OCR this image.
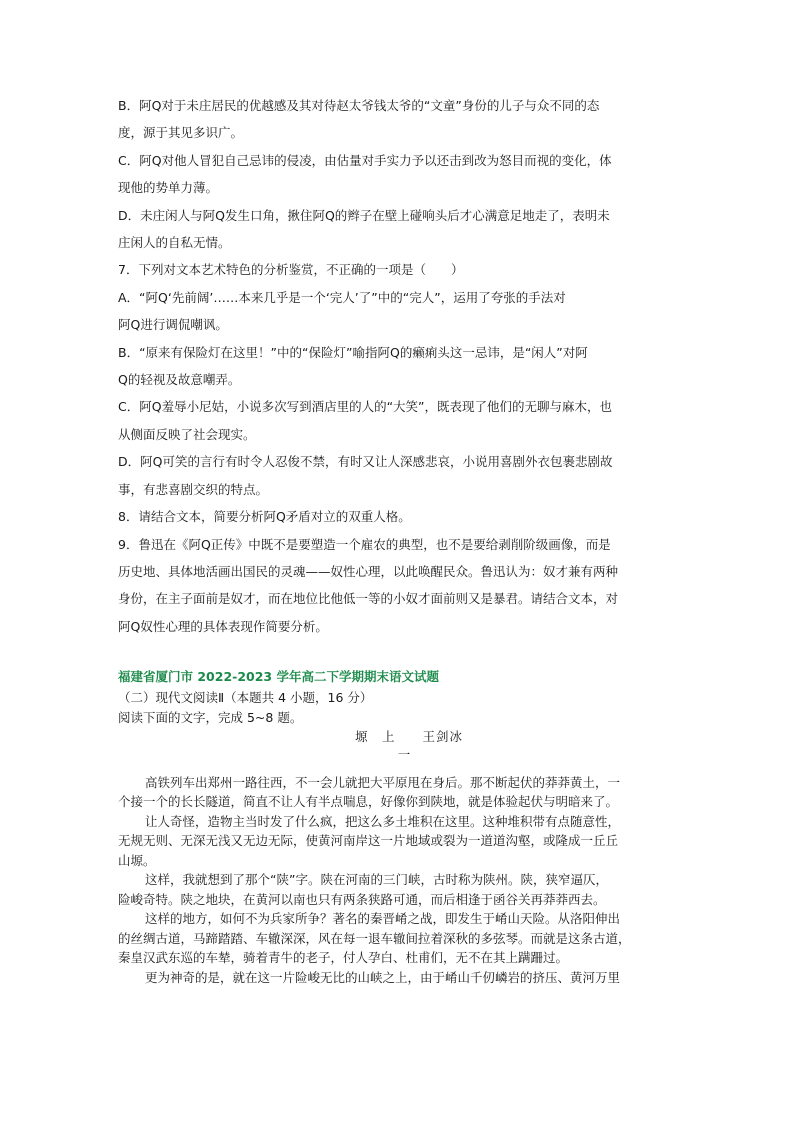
B．阿Q对于未庄居民的优越感及其对待赵太爷钱太爷的“文童”身份的儿子与众不同的态

度，源于其见多识广。

C．阿Q对他人冒犯自己忌讳的侵凌，由估量对手实力予以还击到改为怒目而视的变化，体

现他的势单力薄。

D．未庄闲人与阿Q发生口角，揪住阿Q的辫子在壁上碰响头后才心满意足地走了，表明未

庄闲人的自私无情。

7．下列对文本艺术特色的分析鉴赏，不正确的一项是（　　）

A．“阿Q‘先前阔’……本来几乎是一个‘完人’了”中的“完人”，运用了夸张的手法对

阿Q进行调侃嘲讽。

B．“原来有保险灯在这里！”中的“保险灯”喻指阿Q的癞痢头这一忌讳，是“闲人”对阿

Q的轻视及故意嘲弄。

C．阿Q羞辱小尼姑，小说多次写到酒店里的人的“大笑”，既表现了他们的无聊与麻木，也

从侧面反映了社会现实。

D．阿Q可笑的言行有时令人忍俊不禁，有时又让人深感悲哀，小说用喜剧外衣包裹悲剧故

事，有悲喜剧交织的特点。

8．请结合文本，简要分析阿Q矛盾对立的双重人格。

9．鲁迅在《阿Q正传》中既不是要塑造一个雇农的典型，也不是要给剥削阶级画像，而是

历史地、具体地活画出国民的灵魂——奴性心理，以此唤醒民众。鲁迅认为：奴才兼有两种

身份，在主子面前是奴才，而在地位比他低一等的小奴才面前则又是暴君。请结合文本，对

阿Q奴性心理的具体表现作简要分析。

福建省厦门市 2022-2023 学年高二下学期期末语文试题

（二）现代文阅读Ⅱ（本题共 4 小题，16 分）

阅读下面的文字，完成 5~8 题。

塬　上　　王剑冰

一

高铁列车出郑州一路往西，不一会儿就把大平原甩在身后。那不断起伏的莽莽黄土，一

个接一个的长长隧道，简直不让人有半点喘息，好像你到陕地，就是体验起伏与明暗来了。

让人奇怪，造物主当时发了什么疯，把这么多土堆积在这里。这种堆积带有点随意性，

无规无则、无深无浅又无边无际，使黄河南岸这一片地域或裂为一道道沟壑，或隆成一丘丘

山塬。

这样，我就想到了那个“陕”字。陕在河南的三门峡，古时称为陕州。陕，狭窄逼仄，

险峻奇特。陕之地块，在黄河以南也只有两条狭路可通，而后相逢于函谷关再莽莽西去。

这样的地方，如何不为兵家所争？著名的秦晋崤之战，即发生于崤山天险。从洛阳伸出

的丝绸古道，马蹄踏踏、车辙深深，风在每一退车辙间拉着深秋的多弦琴。而就是这条古道，

秦皇汉武东巡的车辇，骑着青牛的老子，付人孕白、杜甫们，无不在其上蹒跚过。

更为神奇的是，就在这一片险峻无比的山峡之上，由于崤山千仞嶙岩的挤压、黄河万里
